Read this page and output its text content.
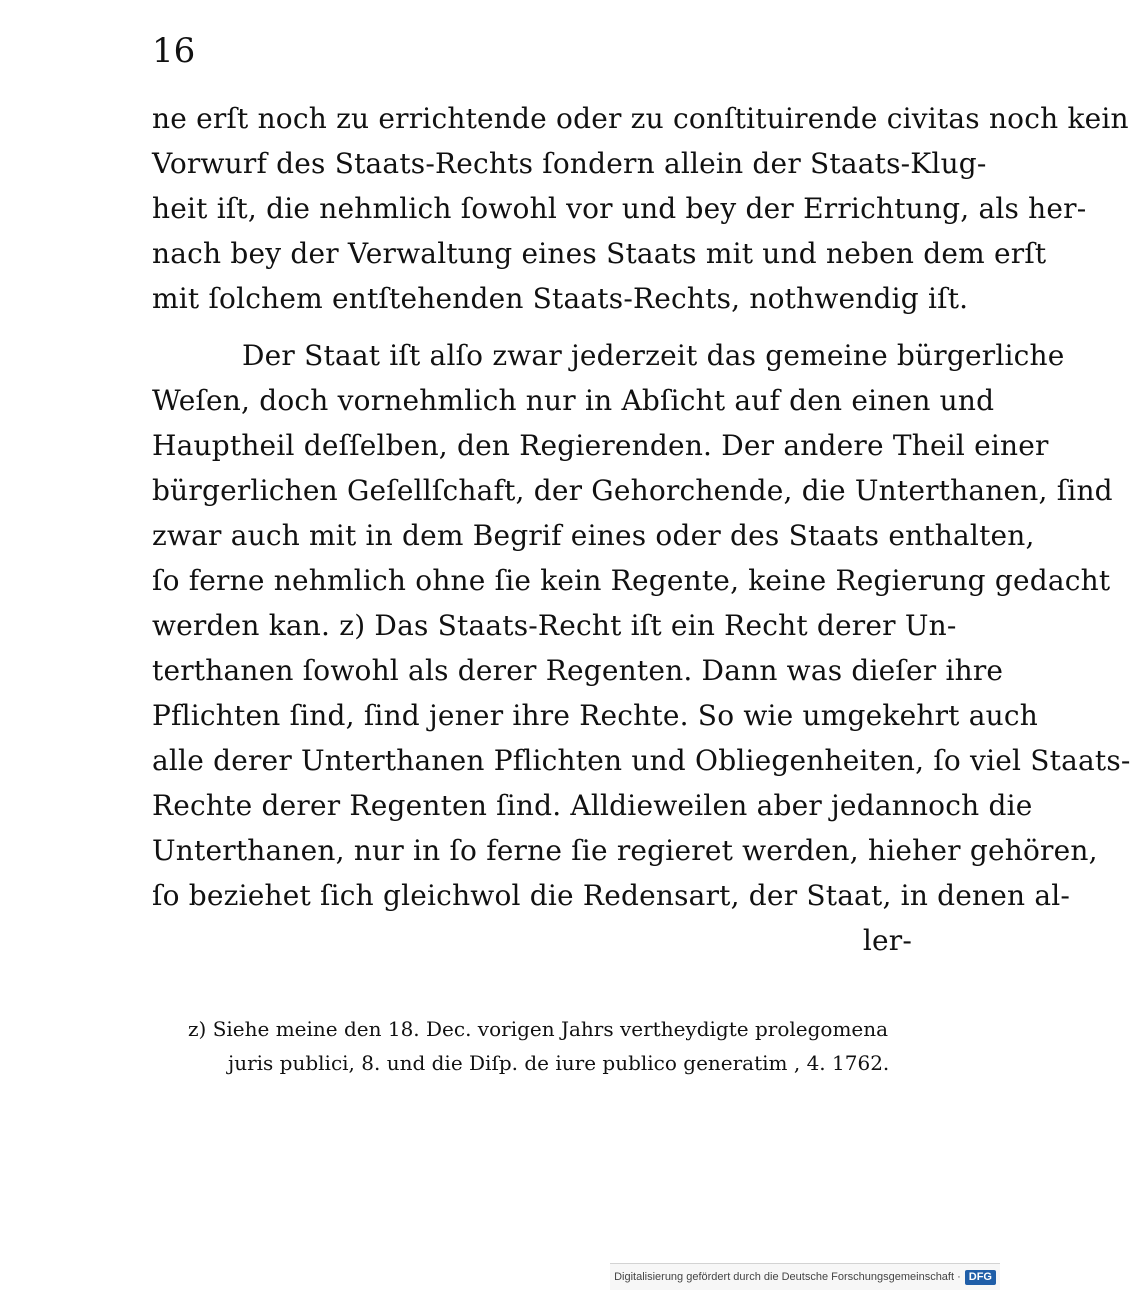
16
ne erſt noch zu errichtende oder zu conſtituirende civitas noch kein
Vorwurf des Staats-Rechts ſondern allein der Staats-Klug-
heit iſt, die nehmlich ſowohl vor und bey der Errichtung, als her-
nach bey der Verwaltung eines Staats mit und neben dem erſt
mit ſolchem entſtehenden Staats-Rechts, nothwendig iſt.
Der Staat iſt alſo zwar jederzeit das gemeine bürgerliche
Weſen, doch vornehmlich nur in Abſicht auf den einen und
Hauptheil deſſelben, den Regierenden. Der andere Theil einer
bürgerlichen Geſellſchaft, der Gehorchende, die Unterthanen, ſind
zwar auch mit in dem Begrif eines oder des Staats enthalten,
ſo ferne nehmlich ohne ſie kein Regente, keine Regierung gedacht
werden kan. z) Das Staats-Recht iſt ein Recht derer Un-
terthanen ſowohl als derer Regenten. Dann was dieſer ihre
Pflichten ſind, ſind jener ihre Rechte. So wie umgekehrt auch
alle derer Unterthanen Pflichten und Obliegenheiten, ſo viel Staats-
Rechte derer Regenten ſind. Alldieweilen aber jedannoch die
Unterthanen, nur in ſo ferne ſie regieret werden, hieher gehören,
ſo beziehet ſich gleichwol die Redensart, der Staat, in denen al-
ler-
z) Siehe meine den 18. Dec. vorigen Jahrs vertheydigte prolegomena
juris publici, 8. und die Diſp. de iure publico generatim , 4. 1762.
Digitalisierung gefördert durch die Deutsche Forschungsgemeinschaft · DFG
